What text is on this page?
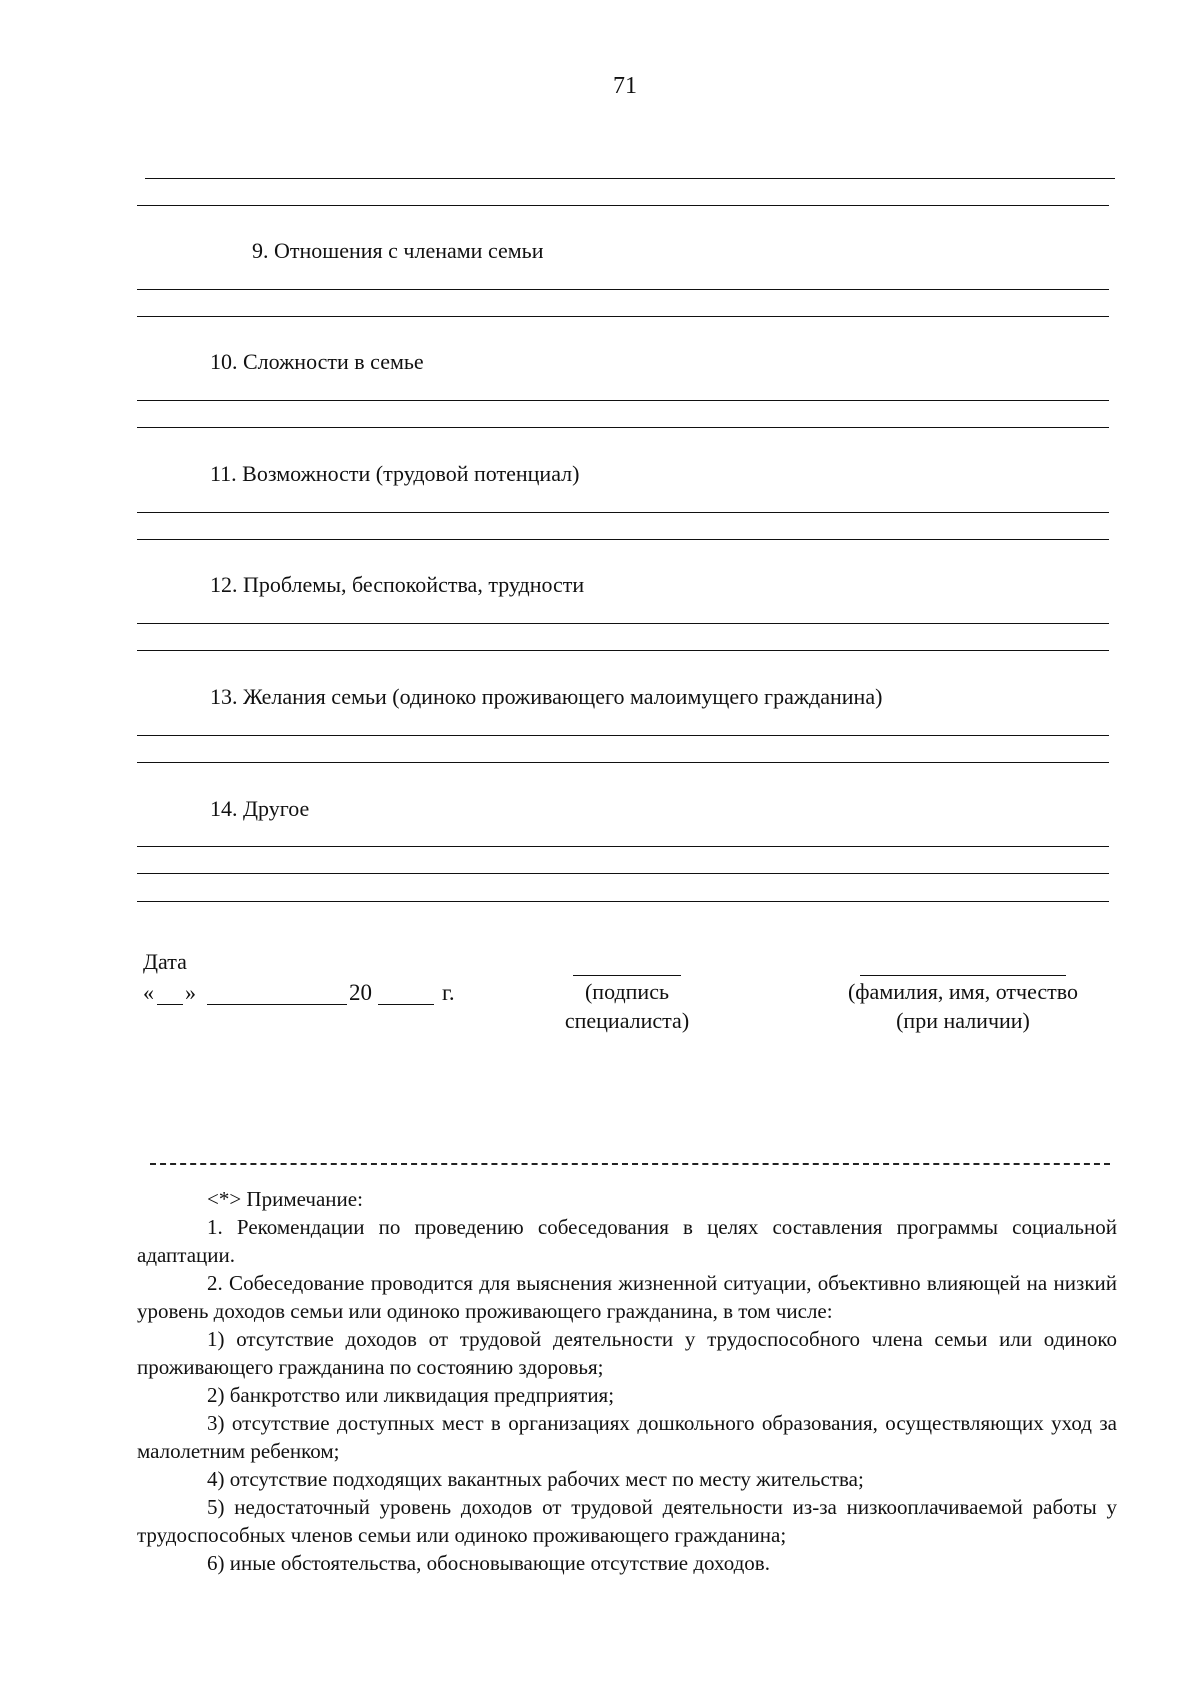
71
9. Отношения с членами семьи
10. Сложности в семье
11. Возможности (трудовой потенциал)
12. Проблемы, беспокойства, трудности
13. Желания семьи (одиноко проживающего малоимущего гражданина)
14. Другое
Дата
« »	20	г.	(подпись
специалиста)
(фамилия, имя, отчество
(при наличии)

<*> Примечание:

1. Рекомендации по проведению собеседования в целях составления программы социальной адаптации.

2. Собеседование проводится для выяснения жизненной ситуации, объективно влияющей на низкий уровень доходов семьи или одиноко проживающего гражданина, в том числе:

1) отсутствие доходов от трудовой деятельности у трудоспособного члена семьи или одиноко проживающего гражданина по состоянию здоровья;

2) банкротство или ликвидация предприятия;

3) отсутствие доступных мест в организациях дошкольного образования, осуществляющих уход за малолетним ребенком;

4) отсутствие подходящих вакантных рабочих мест по месту жительства;

5) недостаточный уровень доходов от трудовой деятельности из-за низкооплачиваемой работы у трудоспособных членов семьи или одиноко проживающего гражданина;

6) иные обстоятельства, обосновывающие отсутствие доходов.
